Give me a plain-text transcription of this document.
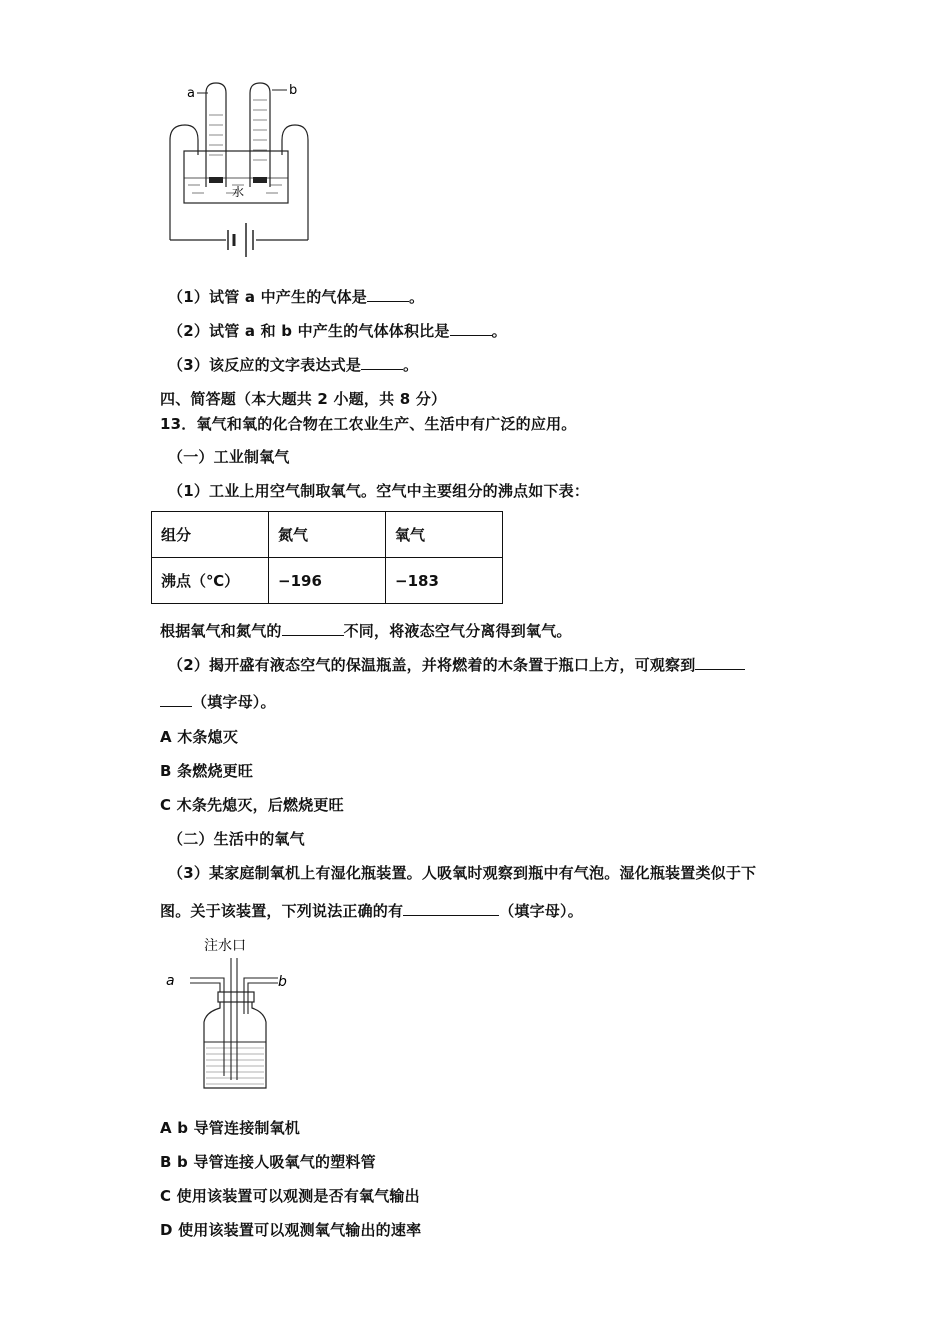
a	b
水
（1）试管 a 中产生的气体是	。
（2）试管 a 和 b 中产生的气体体积比是	。
（3）该反应的文字表达式是	。
四、简答题（本大题共 2 小题，共 8 分）
13．氧气和氧的化合物在工农业生产、生活中有广泛的应用。
（一）工业制氧气
（1）工业上用空气制取氧气。空气中主要组分的沸点如下表：
组分	氮气	氧气
沸点（℃）	−196	−183
根据氧气和氮气的	不同，将液态空气分离得到氧气。
（2）揭开盛有液态空气的保温瓶盖，并将燃着的木条置于瓶口上方，可观察到
（填字母）。
A 木条熄灭
B 条燃烧更旺
C 木条先熄灭，后燃烧更旺
（二）生活中的氧气
（3）某家庭制氧机上有湿化瓶装置。人吸氧时观察到瓶中有气泡。湿化瓶装置类似于下
图。关于该装置，下列说法正确的有	（填字母）。
注水口
a	b
A b 导管连接制氧机
B b 导管连接人吸氧气的塑料管
C 使用该装置可以观测是否有氧气输出
D 使用该装置可以观测氧气输出的速率
